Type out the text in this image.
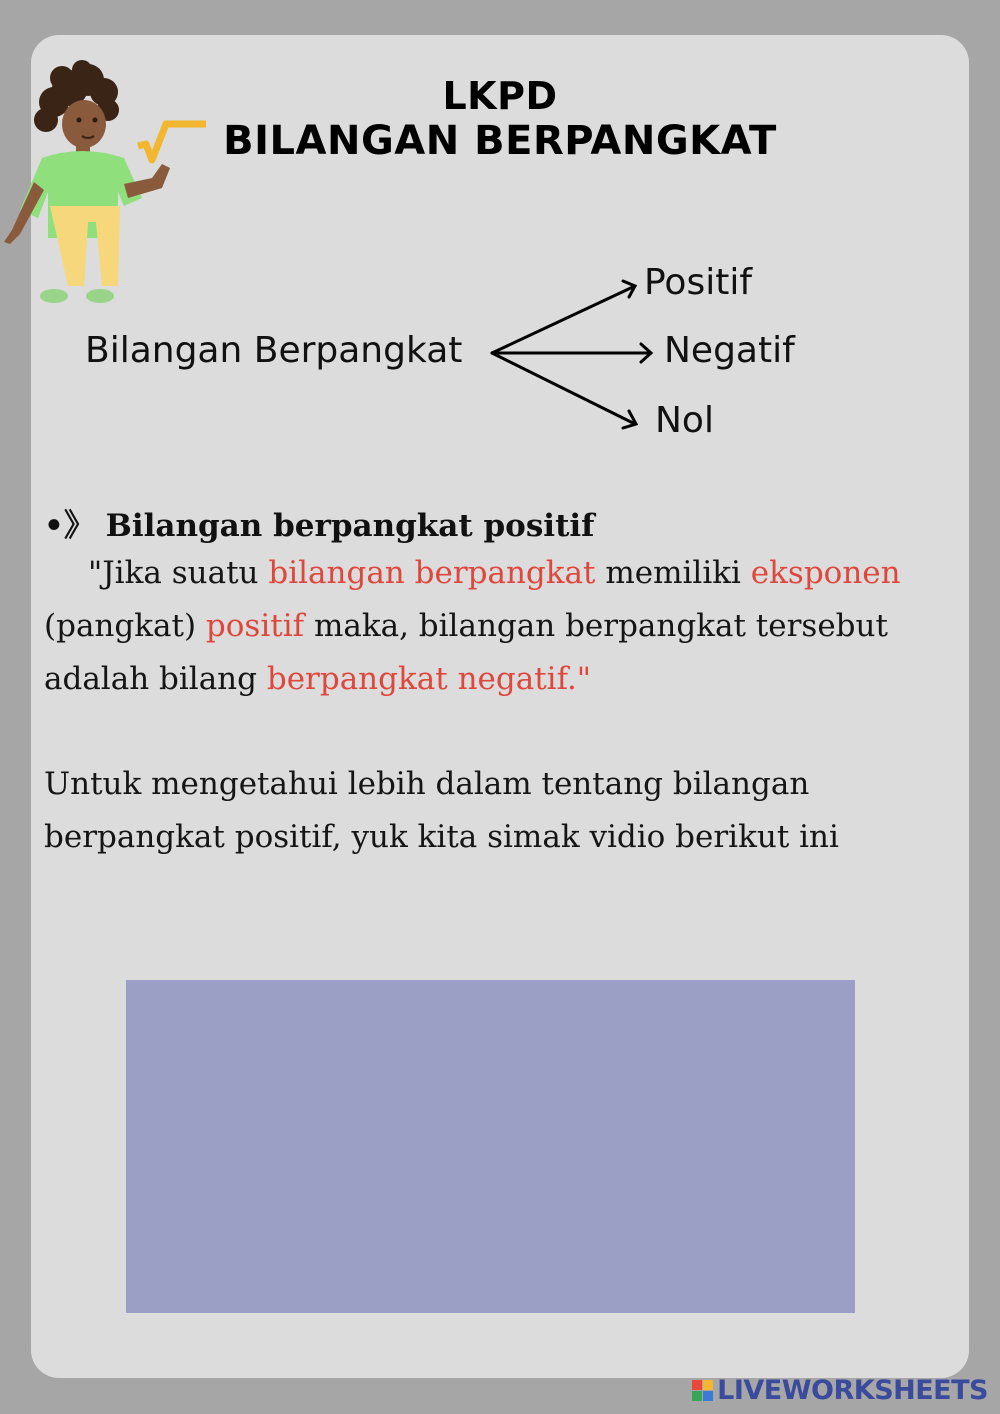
LKPD
BILANGAN BERPANGKAT
Bilangan Berpangkat
Positif
Negatif
Nol
•》 Bilangan berpangkat positif
"Jika suatu bilangan berpangkat memiliki eksponen (pangkat) positif maka, bilangan berpangkat tersebut adalah bilang berpangkat negatif."
Untuk mengetahui lebih dalam tentang bilangan berpangkat positif, yuk kita simak vidio berikut ini
LIVEWORKSHEETS
